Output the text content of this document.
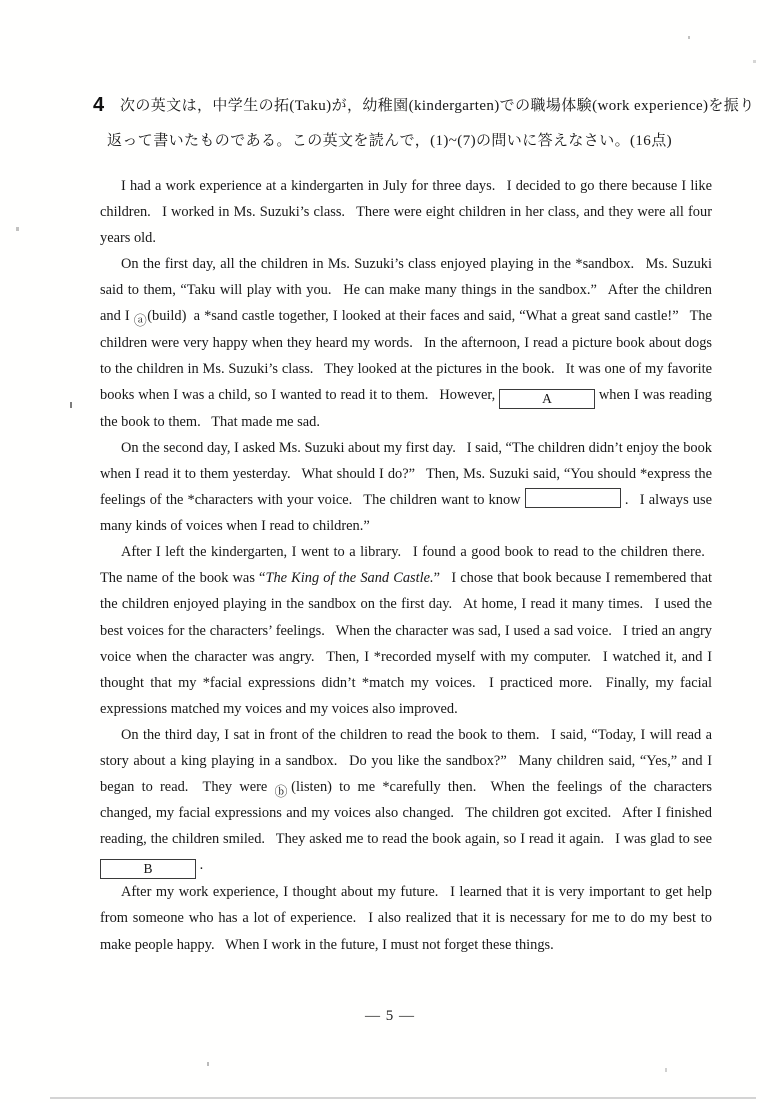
4 次の英文は，中学生の拓(Taku)が，幼稚園(kindergarten)での職場体験(work experience)を振り
返って書いたものである。この英文を読んで，(1)~(7)の問いに答えなさい。(16点)

I had a work experience at a kindergarten in July for three days.  I decided to go there because I like children.  I worked in Ms. Suzuki’s class.  There were eight children in her class, and they were all four years old.

On the first day, all the children in Ms. Suzuki’s class enjoyed playing in the *sandbox.  Ms. Suzuki said to them, “Taku will play with you.  He can make many things in the sandbox.”  After the children and I ⓐ(build) a *sand castle together, I looked at their faces and said, “What a great sand castle!”  The children were very happy when they heard my words.  In the afternoon, I read a picture book about dogs to the children in Ms. Suzuki’s class.  They looked at the pictures in the book.  It was one of my favorite books when I was a child, so I wanted to read it to them.  However,	A	when I was reading the book to them.  That made me sad.

On the second day, I asked Ms. Suzuki about my first day.  I said, “The children didn’t enjoy the book when I read it to them yesterday.  What should I do?”  Then, Ms. Suzuki said, “You should *express the feelings of the *characters with your voice.  The children want to know	.  I always use many kinds of voices when I read to children.”

After I left the kindergarten, I went to a library.  I found a good book to read to the children there.  The name of the book was “The King of the Sand Castle.”  I chose that book because I remembered that the children enjoyed playing in the sandbox on the first day.  At home, I read it many times.  I used the best voices for the characters’ feelings.  When the character was sad, I used a sad voice.  I tried an angry voice when the character was angry.  Then, I *recorded myself with my computer.  I watched it, and I thought that my *facial expressions didn’t *match my voices.  I practiced more.  Finally, my facial expressions matched my voices and my voices also improved.

On the third day, I sat in front of the children to read the book to them.  I said, “Today, I will read a story about a king playing in a sandbox.  Do you like the sandbox?”  Many children said, “Yes,” and I began to read.  They were ⓑ(listen) to me *carefully then.  When the feelings of the characters changed, my facial expressions and my voices also changed.  The children got excited.  After I finished reading, the children smiled.  They asked me to read the book again, so I read it again.  I was glad to see B	.

After my work experience, I thought about my future.  I learned that it is very important to get help from someone who has a lot of experience.  I also realized that it is necessary for me to do my best to make people happy.  When I work in the future, I must not forget these things.

— 5 —
